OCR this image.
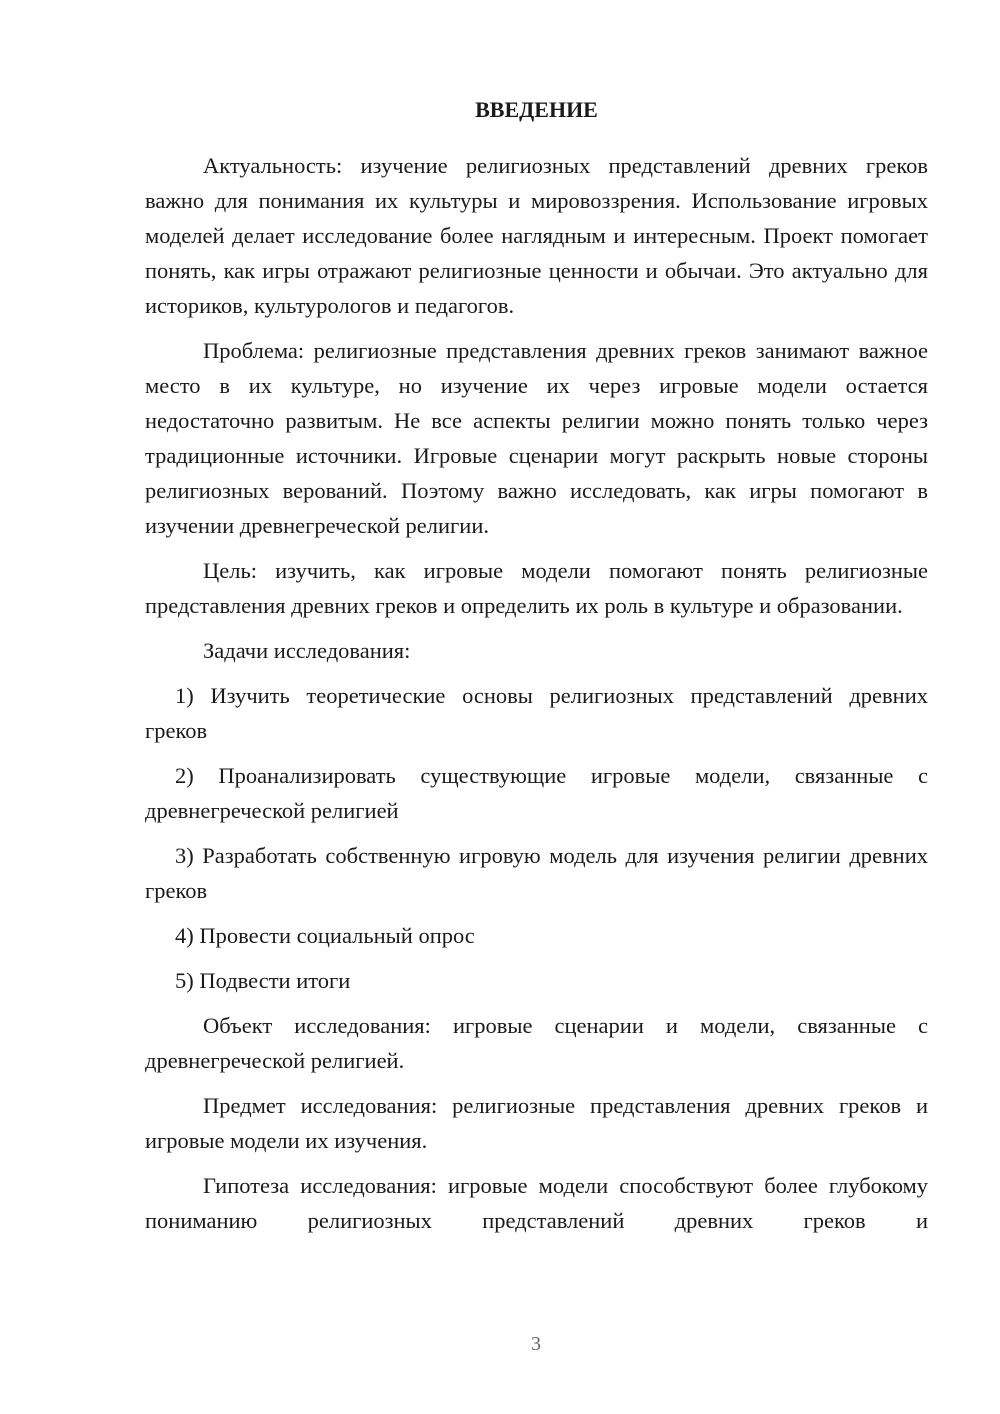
ВВЕДЕНИЕ

Актуальность: изучение религиозных представлений древних греков важно для понимания их культуры и мировоззрения. Использование игровых моделей делает исследование более наглядным и интересным. Проект помогает понять, как игры отражают религиозные ценности и обычаи. Это актуально для историков, культурологов и педагогов.

Проблема: религиозные представления древних греков занимают важное место в их культуре, но изучение их через игровые модели остается недостаточно развитым. Не все аспекты религии можно понять только через традиционные источники. Игровые сценарии могут раскрыть новые стороны религиозных верований. Поэтому важно исследовать, как игры помогают в изучении древнегреческой религии.

Цель: изучить, как игровые модели помогают понять религиозные представления древних греков и определить их роль в культуре и образовании.

Задачи исследования:

1) Изучить теоретические основы религиозных представлений древних греков

2) Проанализировать существующие игровые модели, связанные с древнегреческой религией

3) Разработать собственную игровую модель для изучения религии древних греков

4) Провести социальный опрос

5) Подвести итоги

Объект исследования: игровые сценарии и модели, связанные с древнегреческой религией.

Предмет исследования: религиозные представления древних греков и игровые модели их изучения.

Гипотеза исследования: игровые модели способствуют более глубокому пониманию религиозных представлений древних греков и

3
